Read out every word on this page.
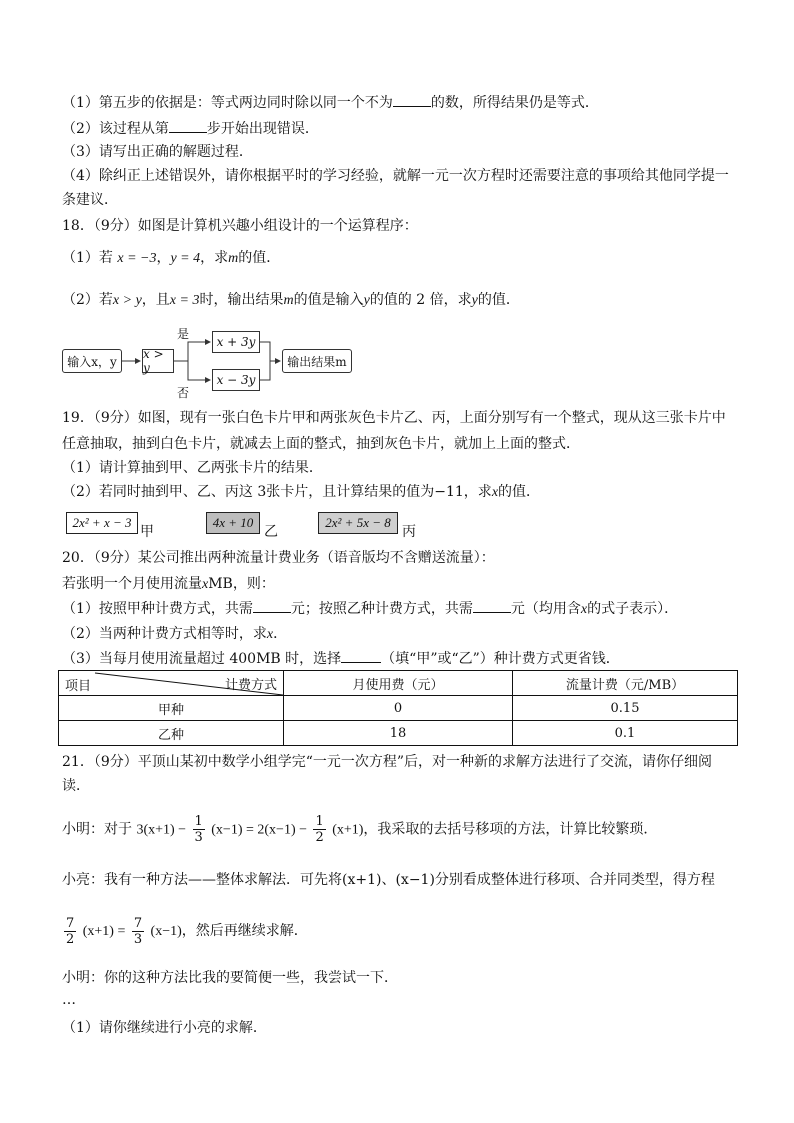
（1）第五步的依据是：等式两边同时除以同一个不为	的数，所得结果仍是等式．
（2）该过程从第	步开始出现错误．
（3）请写出正确的解题过程．
（4）除纠正上述错误外，请你根据平时的学习经验，就解一元一次方程时还需要注意的事项给其他同学提一
条建议．
18．（9分）如图是计算机兴趣小组设计的一个运算程序：
（1）若 x = −3，y = 4，求m的值．
（2）若x > y，且x = 3时，输出结果m的值是输入y的值的 2 倍，求y的值．
输入x，y
x > y
是
否
x + 3y
x − 3y
输出结果m
19．（9分）如图，现有一张白色卡片甲和两张灰色卡片乙、丙，上面分别写有一个整式，现从这三张卡片中
任意抽取，抽到白色卡片，就减去上面的整式，抽到灰色卡片，就加上上面的整式．
（1）请计算抽到甲、乙两张卡片的结果．
（2）若同时抽到甲、乙、丙这 3张卡片，且计算结果的值为−11，求x的值．
2x² + x − 3
甲
4x + 10
乙
2x² + 5x − 8
丙
20．（9分）某公司推出两种流量计费业务（语音版均不含赠送流量）：
若张明一个月使用流量xMB，则：
（1）按照甲种计费方式，共需	元；按照乙种计费方式，共需	元（均用含x的式子表示）．
（2）当两种计费方式相等时，求x．
（3）当每月使用流量超过 400MB 时，选择	（填“甲”或“乙”）种计费方式更省钱．
项目 计费方式	月使用费（元）	流量计费（元/MB）
甲种	0	0.15
乙种	18	0.1
21．（9分）平顶山某初中数学小组学完“一元一次方程”后，对一种新的求解方法进行了交流，请你仔细阅
读．
小明：对于 $3(x+1) - \frac{1}{3} (x-1) = 2(x-1) - \frac{1}{2} (x+1)$，我采取的去括号移项的方法，计算比较繁琐．
小亮：我有一种方法——整体求解法．可先将(x+1)、(x−1)分别看成整体进行移项、合并同类型，得方程
$\frac{7}{2} (x+1) = \frac{7}{3} (x-1)$，然后再继续求解．
小明：你的这种方法比我的要简便一些，我尝试一下．
…
（1）请你继续进行小亮的求解．
